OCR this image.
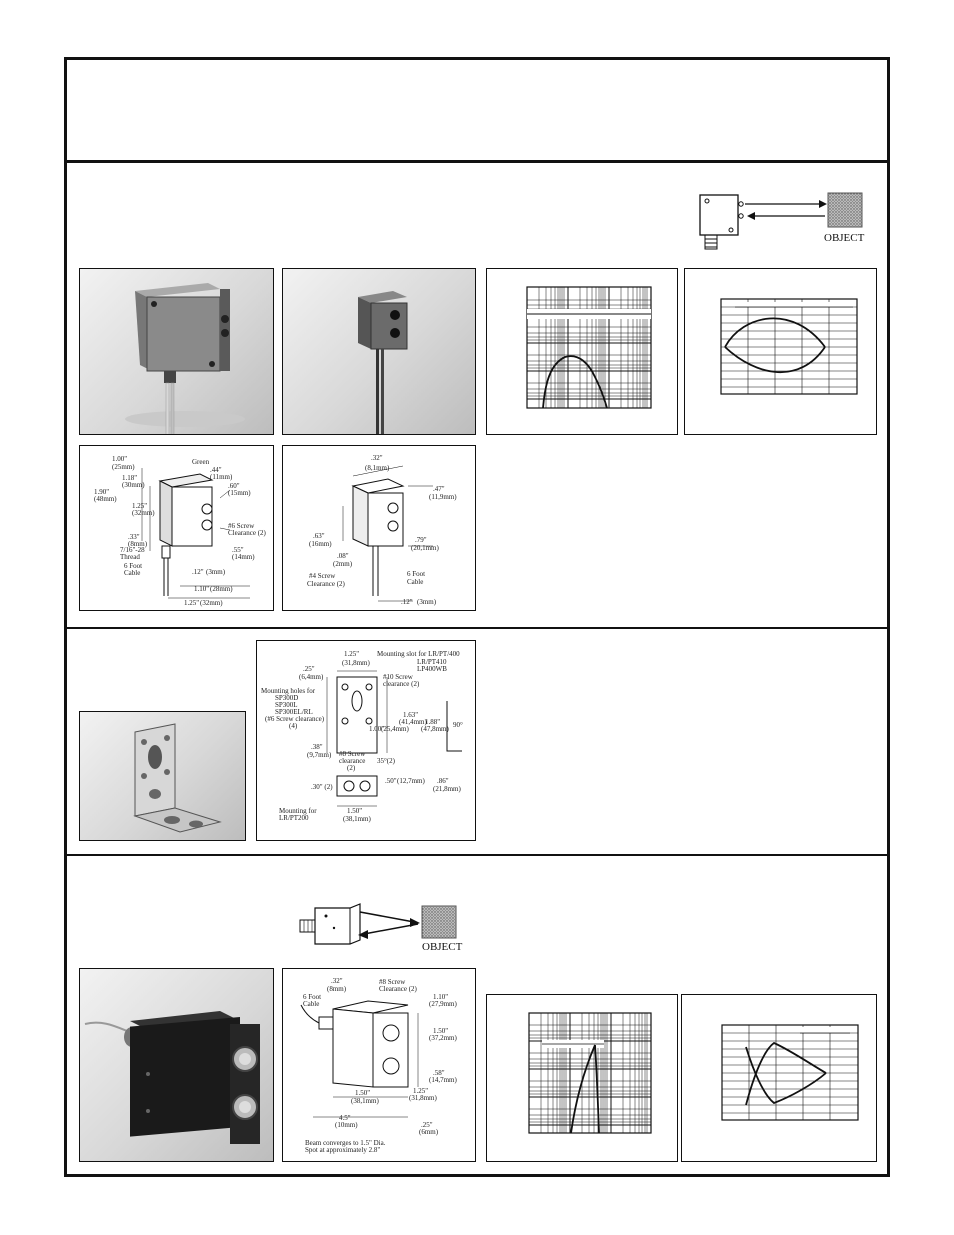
OBJECT
1.00"
(25mm)
Green
.44"
(11mm)
1.18"
(30mm)	.60"
(15mm)
1.25"
(32mm)
1.90"
(48mm)
#6 Screw
Clearance (2)
.33"
(8mm)
7/16"-28
Thread
.55"
(14mm)
6 Foot
Cable	.12" (3mm)
1.10" (28mm)
1.25" (32mm)
.32"
(8,1mm)
.47"
(11,9mm)
.63"
(16mm)
.08"
(2mm)
.79"
(20,1mm)
#4 Screw
Clearance (2)
6 Foot
Cable
.12" (3mm)
1.25"
(31,8mm)
Mounting slot for LR/PT/400
LR/PT410
LP400WB
.25"
(6,4mm)	#10 Screw
clearance (2)
Mounting holes for
SP300D
SP300L
SP300EL/RL
(#6 Screw clearance)
(4)
1.63"
(41,4mm)
1.88"
(47,8mm) 90°
1.00"
(25,4mm)
.38"
(9,7mm) #8 Screw
clearance
(2)
35°(2)
.50" (12,7mm) .86"
(21,8mm)
.30" (2)
Mounting for
LR/PT200
1.50"
(38,1mm)
OBJECT
.32"
(8mm)
6 Foot
Cable
#8 Screw
Clearance (2)
1.10"
(27,9mm)
1.50"
(37,2mm)
.58"
(14,7mm)
1.50"
(38,1mm)
1.25"
(31,8mm)
4.5"
(10mm)	.25"
(6mm)
Beam converges to 1.5" Dia.
Spot at approximately 2.8"
